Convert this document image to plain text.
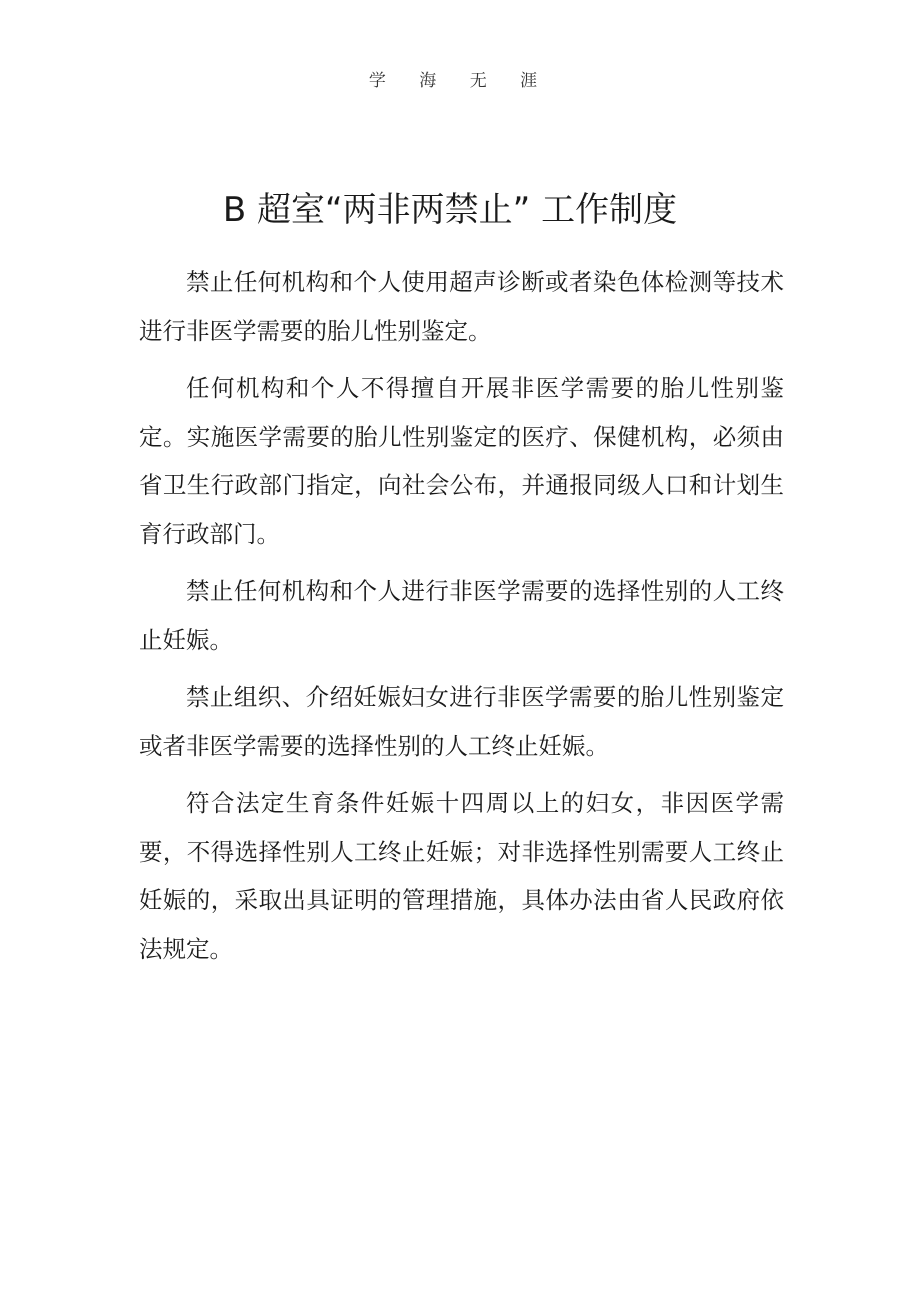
学 海 无 涯
B 超室“两非两禁止” 工作制度

禁止任何机构和个人使用超声诊断或者染色体检测等技术进行非医学需要的胎儿性别鉴定。

任何机构和个人不得擅自开展非医学需要的胎儿性别鉴定。实施医学需要的胎儿性别鉴定的医疗、保健机构，必须由省卫生行政部门指定，向社会公布，并通报同级人口和计划生育行政部门。

禁止任何机构和个人进行非医学需要的选择性别的人工终止妊娠。

禁止组织、介绍妊娠妇女进行非医学需要的胎儿性别鉴定或者非医学需要的选择性别的人工终止妊娠。

符合法定生育条件妊娠十四周以上的妇女，非因医学需要，不得选择性别人工终止妊娠；对非选择性别需要人工终止妊娠的，采取出具证明的管理措施，具体办法由省人民政府依法规定。
